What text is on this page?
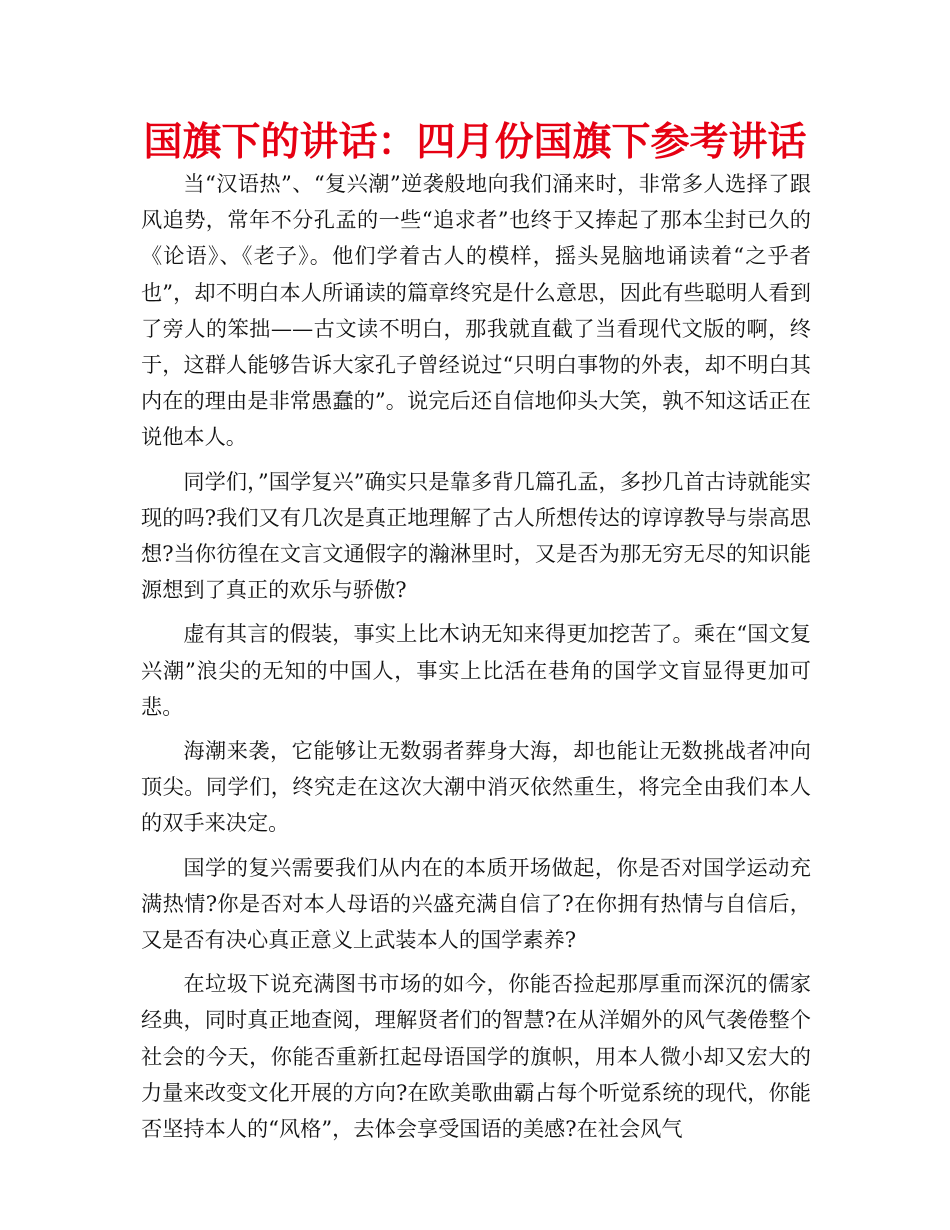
国旗下的讲话：四月份国旗下参考讲话

当“汉语热”、“复兴潮”逆袭般地向我们涌来时，非常多人选择了跟风追势，常年不分孔孟的一些“追求者”也终于又捧起了那本尘封已久的《论语》、《老子》。他们学着古人的模样，摇头晃脑地诵读着“之乎者也”，却不明白本人所诵读的篇章终究是什么意思，因此有些聪明人看到了旁人的笨拙——古文读不明白，那我就直截了当看现代文版的啊，终于，这群人能够告诉大家孔子曾经说过“只明白事物的外表，却不明白其内在的理由是非常愚蠢的”。说完后还自信地仰头大笑，孰不知这话正在说他本人。

同学们，”国学复兴”确实只是靠多背几篇孔孟，多抄几首古诗就能实现的吗?我们又有几次是真正地理解了古人所想传达的谆谆教导与崇高思想?当你彷徨在文言文通假字的瀚淋里时，又是否为那无穷无尽的知识能源想到了真正的欢乐与骄傲?

虚有其言的假装，事实上比木讷无知来得更加挖苦了。乘在“国文复兴潮”浪尖的无知的中国人，事实上比活在巷角的国学文盲显得更加可悲。

海潮来袭，它能够让无数弱者葬身大海，却也能让无数挑战者冲向顶尖。同学们，终究走在这次大潮中消灭依然重生，将完全由我们本人的双手来决定。

国学的复兴需要我们从内在的本质开场做起，你是否对国学运动充满热情?你是否对本人母语的兴盛充满自信了?在你拥有热情与自信后，又是否有决心真正意义上武装本人的国学素养?

在垃圾下说充满图书市场的如今，你能否捡起那厚重而深沉的儒家经典，同时真正地查阅，理解贤者们的智慧?在从洋媚外的风气袭倦整个社会的今天，你能否重新扛起母语国学的旗帜，用本人微小却又宏大的力量来改变文化开展的方向?在欧美歌曲霸占每个听觉系统的现代，你能否坚持本人的“风格”，去体会享受国语的美感?在社会风气
